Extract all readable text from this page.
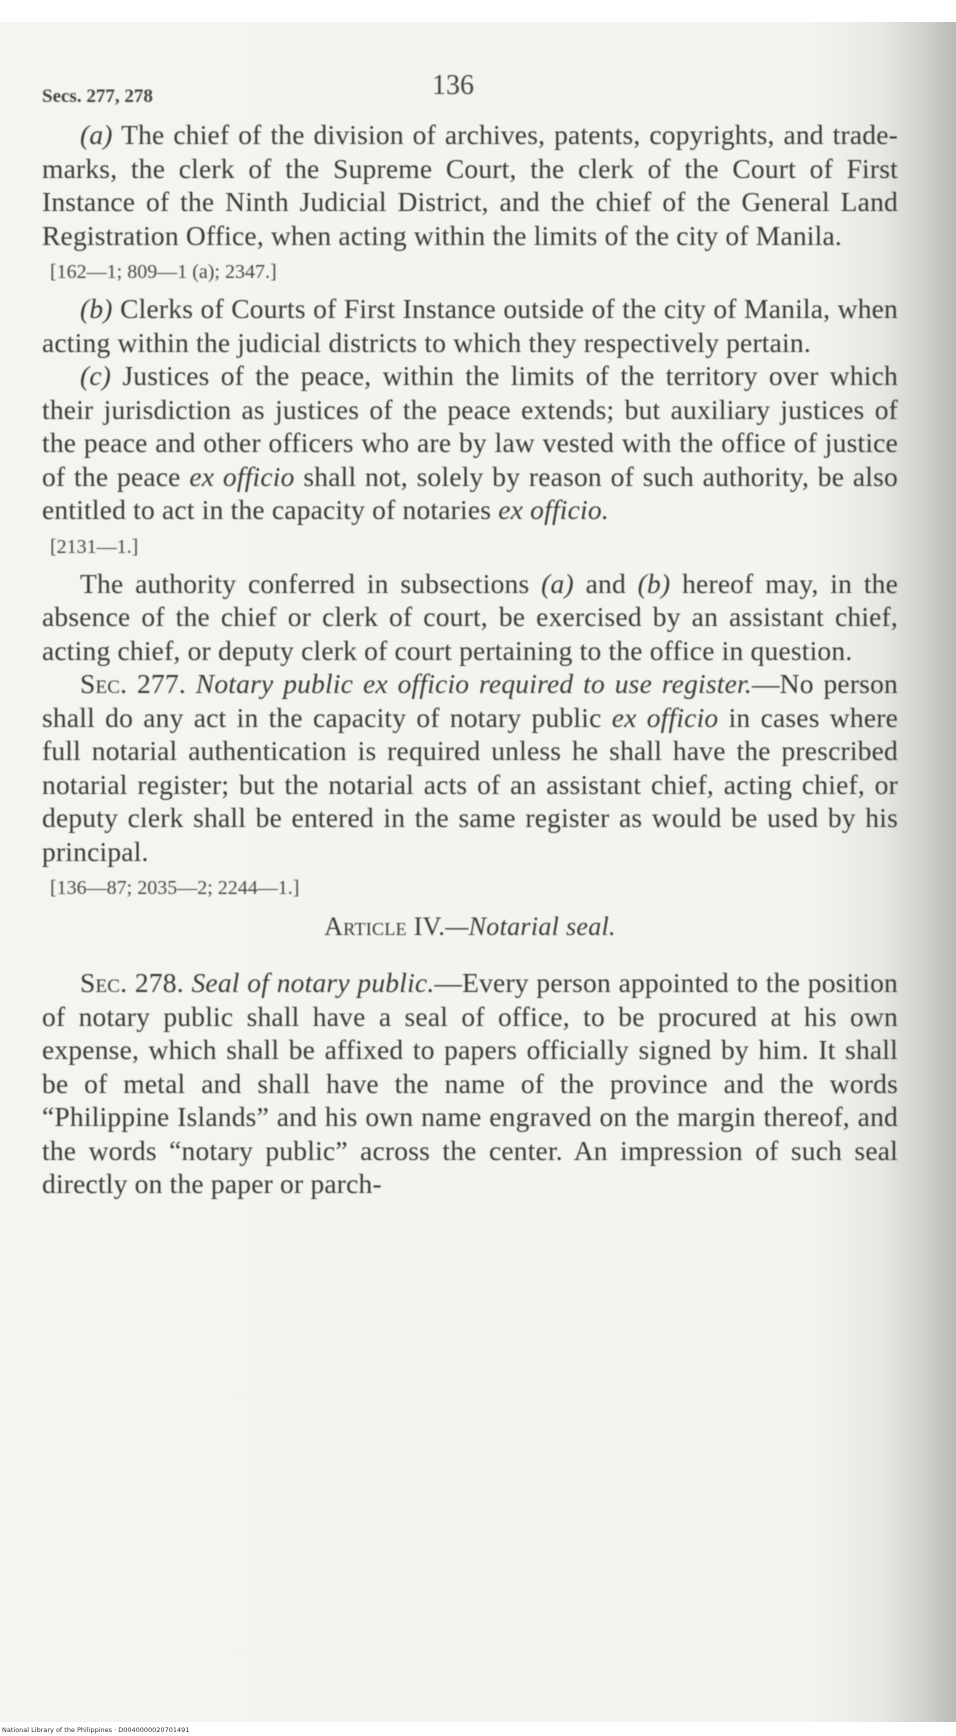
Secs. 277, 278	136

(a) The chief of the division of archives, patents, copyrights, and trade-marks, the clerk of the Supreme Court, the clerk of the Court of First Instance of the Ninth Judicial District, and the chief of the General Land Registration Office, when acting within the limits of the city of Manila.

[162—1; 809—1 (a); 2347.]

(b) Clerks of Courts of First Instance outside of the city of Manila, when acting within the judicial districts to which they respectively pertain.

(c) Justices of the peace, within the limits of the territory over which their jurisdiction as justices of the peace extends; but auxiliary justices of the peace and other officers who are by law vested with the office of justice of the peace ex officio shall not, solely by reason of such authority, be also entitled to act in the capacity of notaries ex officio.

[2131—1.]

The authority conferred in subsections (a) and (b) hereof may, in the absence of the chief or clerk of court, be exercised by an assistant chief, acting chief, or deputy clerk of court pertaining to the office in question.

Sec. 277. Notary public ex officio required to use register.—No person shall do any act in the capacity of notary public ex officio in cases where full notarial authentication is required unless he shall have the prescribed notarial register; but the notarial acts of an assistant chief, acting chief, or deputy clerk shall be entered in the same register as would be used by his principal.

[136—87; 2035—2; 2244—1.]
Article IV.—Notarial seal.

Sec. 278. Seal of notary public.—Every person appointed to the position of notary public shall have a seal of office, to be procured at his own expense, which shall be affixed to papers officially signed by him. It shall be of metal and shall have the name of the province and the words “Philippine Islands” and his own name engraved on the margin thereof, and the words “notary public” across the center. An impression of such seal directly on the paper or parch-

National Library of the Philippines · D0040000020701491
